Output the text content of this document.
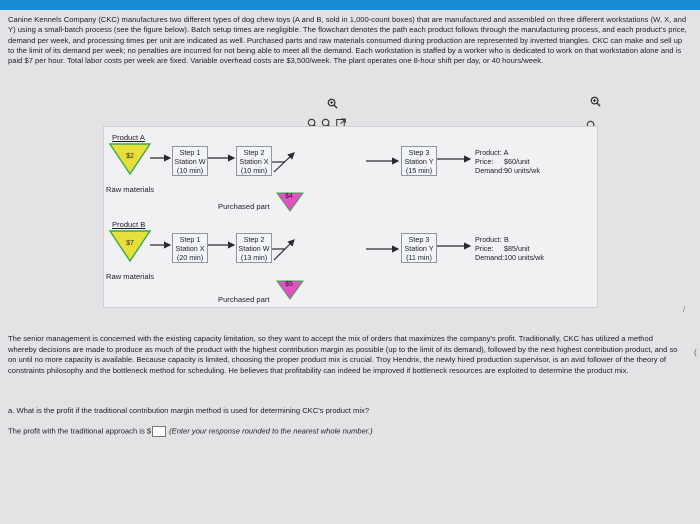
Canine Kennels Company (CKC) manufactures two different types of dog chew toys (A and B, sold in 1,000-count boxes) that are manufactured and assembled on three different workstations (W, X, and Y) using a small-batch process (see the figure below). Batch setup times are negligible. The flowchart denotes the path each product follows through the manufacturing process, and each product's price, demand per week, and processing times per unit are indicated as well. Purchased parts and raw materials consumed during production are represented by inverted triangles. CKC can make and sell up to the limit of its demand per week; no penalties are incurred for not being able to meet all the demand. Each workstation is staffed by a worker who is dedicated to work on that workstation alone and is paid $7 per hour. Total labor costs per week are fixed. Variable overhead costs are $3,500/week. The plant operates one 8-hour shift per day, or 40 hours/week.

Product A
$2
Raw materials
Step 1
Station W
(10 min)
Step 2
Station X
(10 min)
$4
Purchased part
Step 3
Station Y
(15 min)
Product: A
Price: $60/unit
Demand: 90 units/wk
Product B
$7
Raw materials
Step 1
Station X
(20 min)
Step 2
Station W
(13 min)
$5
Purchased part
Step 3
Station Y
(11 min)
Product: B
Price: $85/unit
Demand: 100 units/wk

The senior management is concerned with the existing capacity limitation, so they want to accept the mix of orders that maximizes the company's profit. Traditionally, CKC has utilized a method whereby decisions are made to produce as much of the product with the highest contribution margin as possible (up to the limit of its demand), followed by the next highest contribution product, and so on until no more capacity is available. Because capacity is limited, choosing the proper product mix is crucial. Troy Hendrix, the newly hired production supervisor, is an avid follower of the theory of constraints philosophy and the bottleneck method for scheduling. He believes that profitability can indeed be improved if bottleneck resources are exploited to determine the product mix.

/
(
a. What is the profit if the traditional contribution margin method is used for determining CKC's product mix?
The profit with the traditional approach is $ (Enter your response rounded to the nearest whole number.)
